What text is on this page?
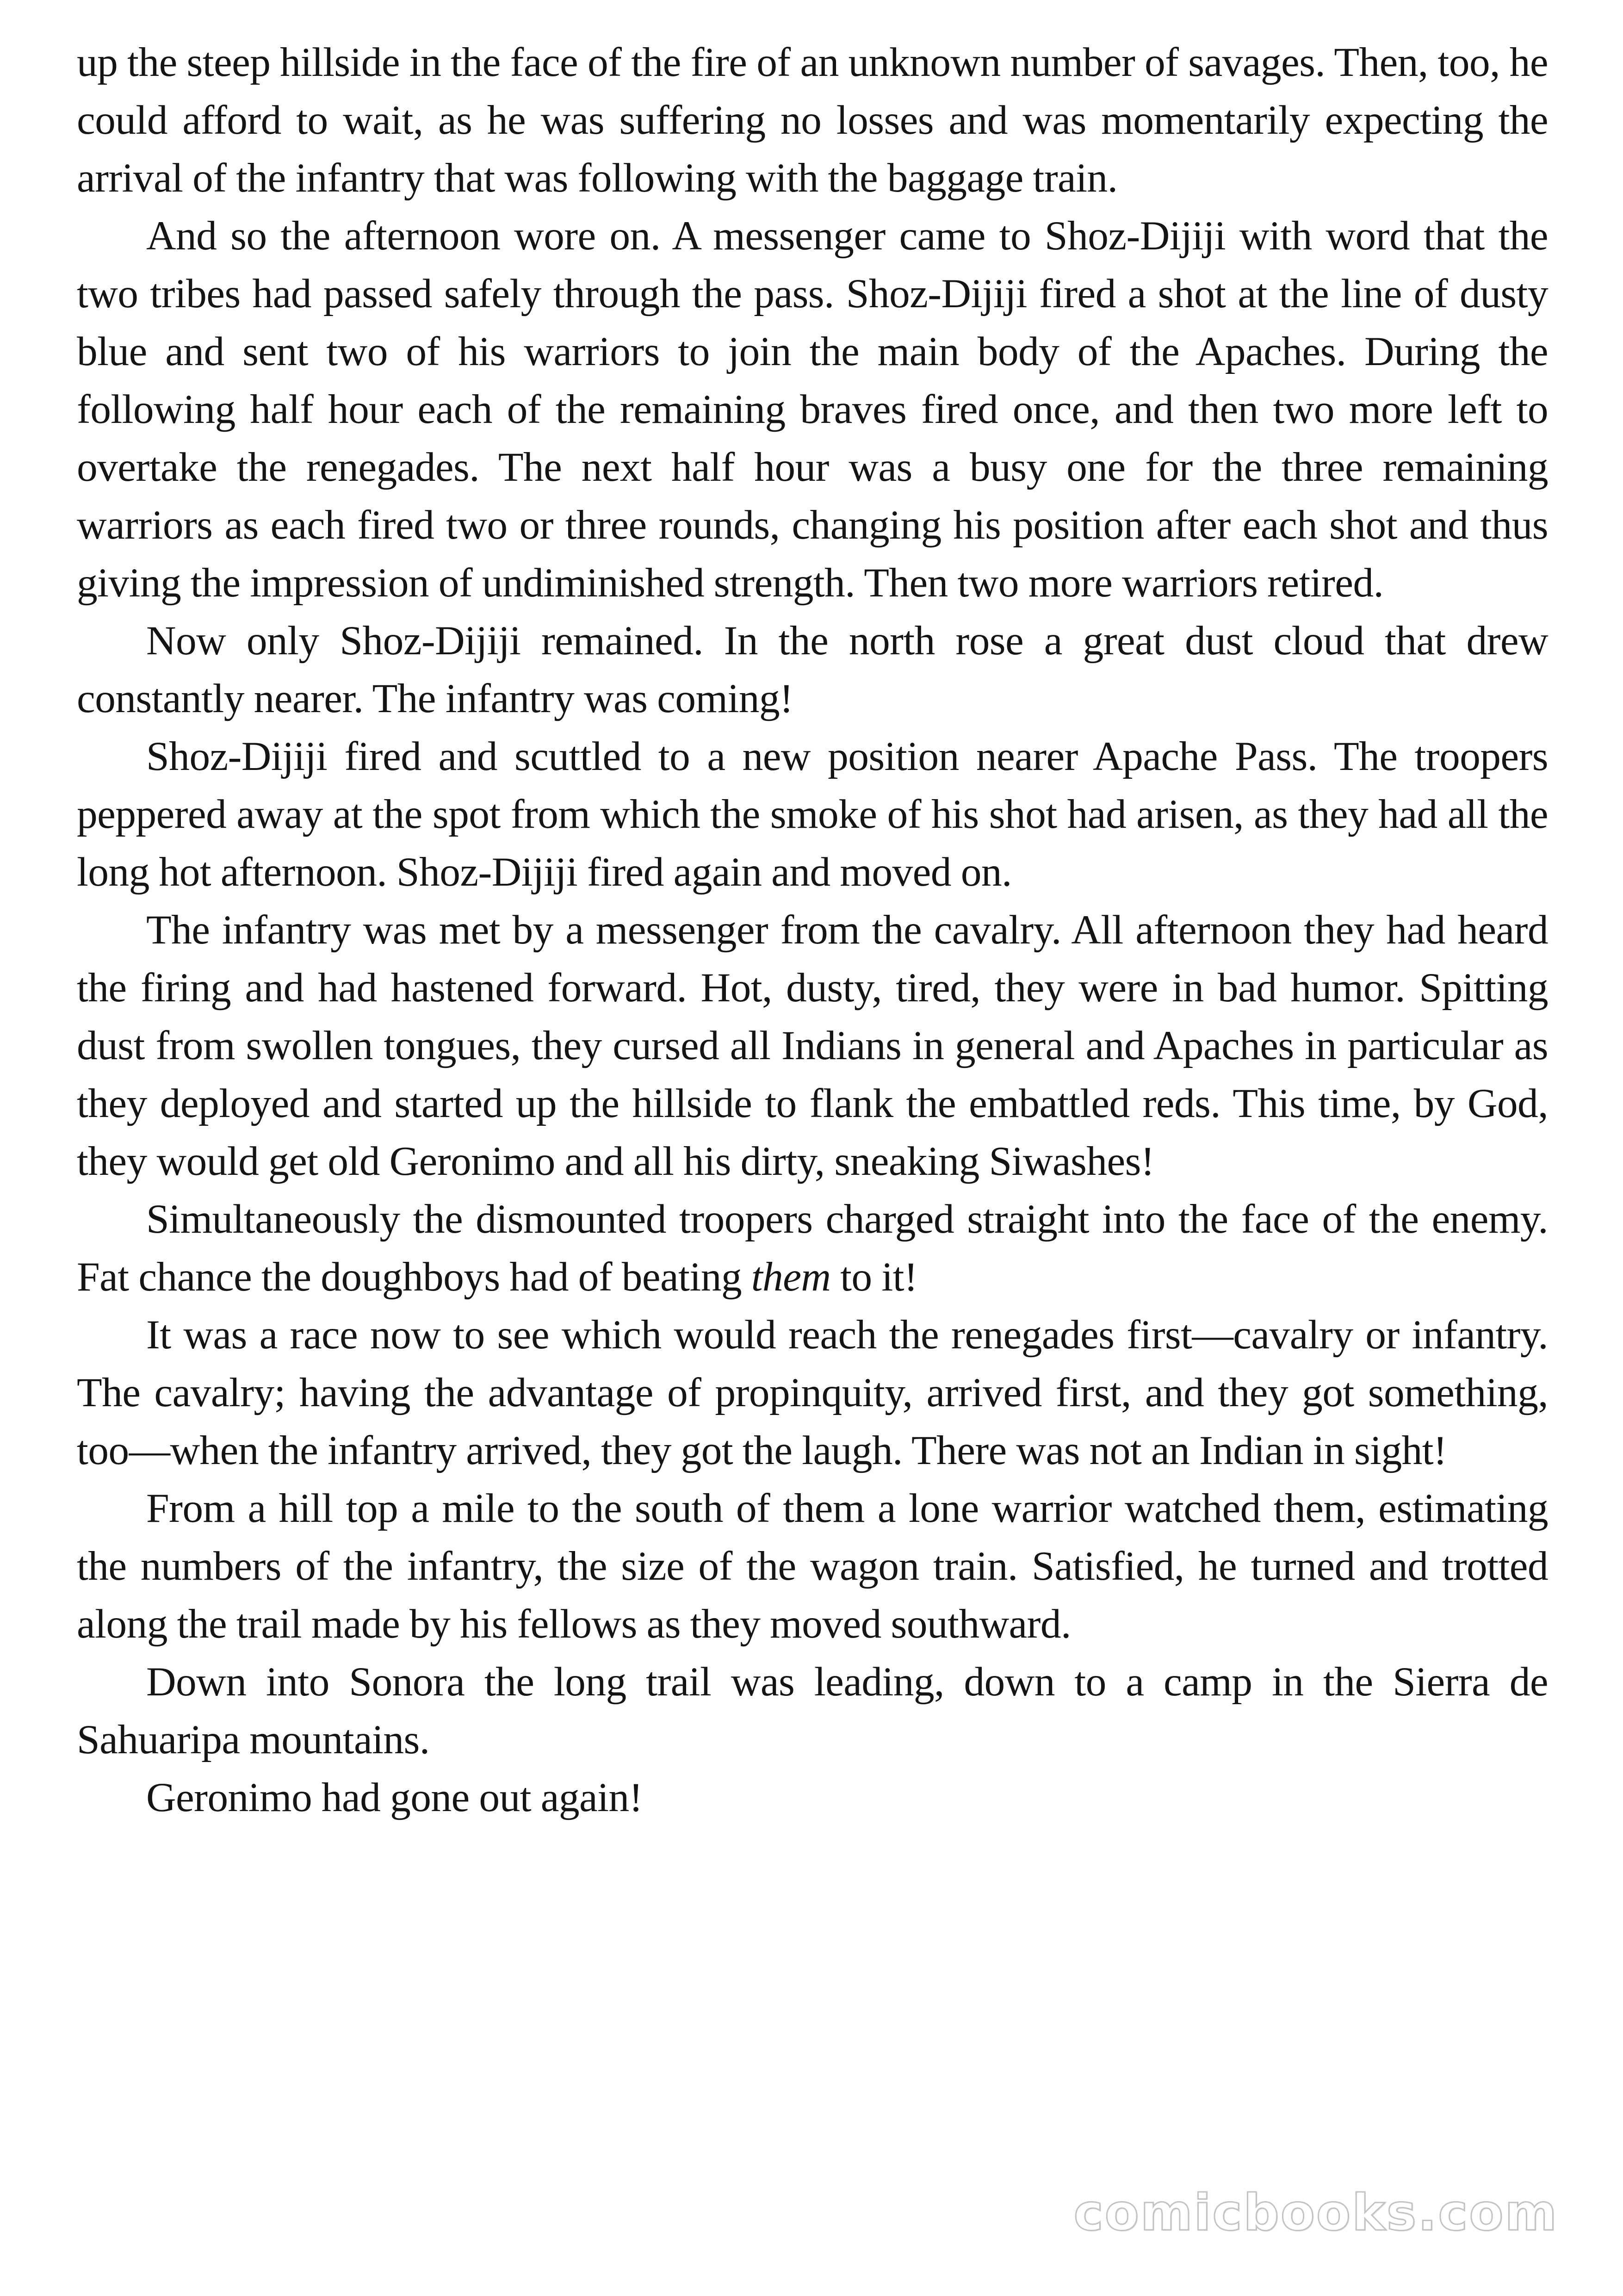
up the steep hillside in the face of the fire of an unknown number of savages. Then, too, he could afford to wait, as he was suffering no losses and was momentarily expecting the arrival of the infantry that was following with the baggage train.

And so the afternoon wore on. A messenger came to Shoz-Dijiji with word that the two tribes had passed safely through the pass. Shoz-Dijiji fired a shot at the line of dusty blue and sent two of his warriors to join the main body of the Apaches. During the following half hour each of the remaining braves fired once, and then two more left to overtake the renegades. The next half hour was a busy one for the three remaining warriors as each fired two or three rounds, changing his position after each shot and thus giving the impression of undiminished strength. Then two more warriors retired.

Now only Shoz-Dijiji remained. In the north rose a great dust cloud that drew constantly nearer. The infantry was coming!

Shoz-Dijiji fired and scuttled to a new position nearer Apache Pass. The troopers peppered away at the spot from which the smoke of his shot had arisen, as they had all the long hot afternoon. Shoz-Dijiji fired again and moved on.

The infantry was met by a messenger from the cavalry. All afternoon they had heard the firing and had hastened forward. Hot, dusty, tired, they were in bad humor. Spitting dust from swollen tongues, they cursed all Indians in general and Apaches in particular as they deployed and started up the hillside to flank the embattled reds. This time, by God, they would get old Geronimo and all his dirty, sneaking Siwashes!

Simultaneously the dismounted troopers charged straight into the face of the enemy. Fat chance the doughboys had of beating them to it!

It was a race now to see which would reach the renegades first—cavalry or infantry. The cavalry; having the advantage of propinquity, arrived first, and they got something, too—when the infantry arrived, they got the laugh. There was not an Indian in sight!

From a hill top a mile to the south of them a lone warrior watched them, estimating the numbers of the infantry, the size of the wagon train. Satisfied, he turned and trotted along the trail made by his fellows as they moved southward.

Down into Sonora the long trail was leading, down to a camp in the Sierra de Sahuaripa mountains.

Geronimo had gone out again!

comicbooks.com
